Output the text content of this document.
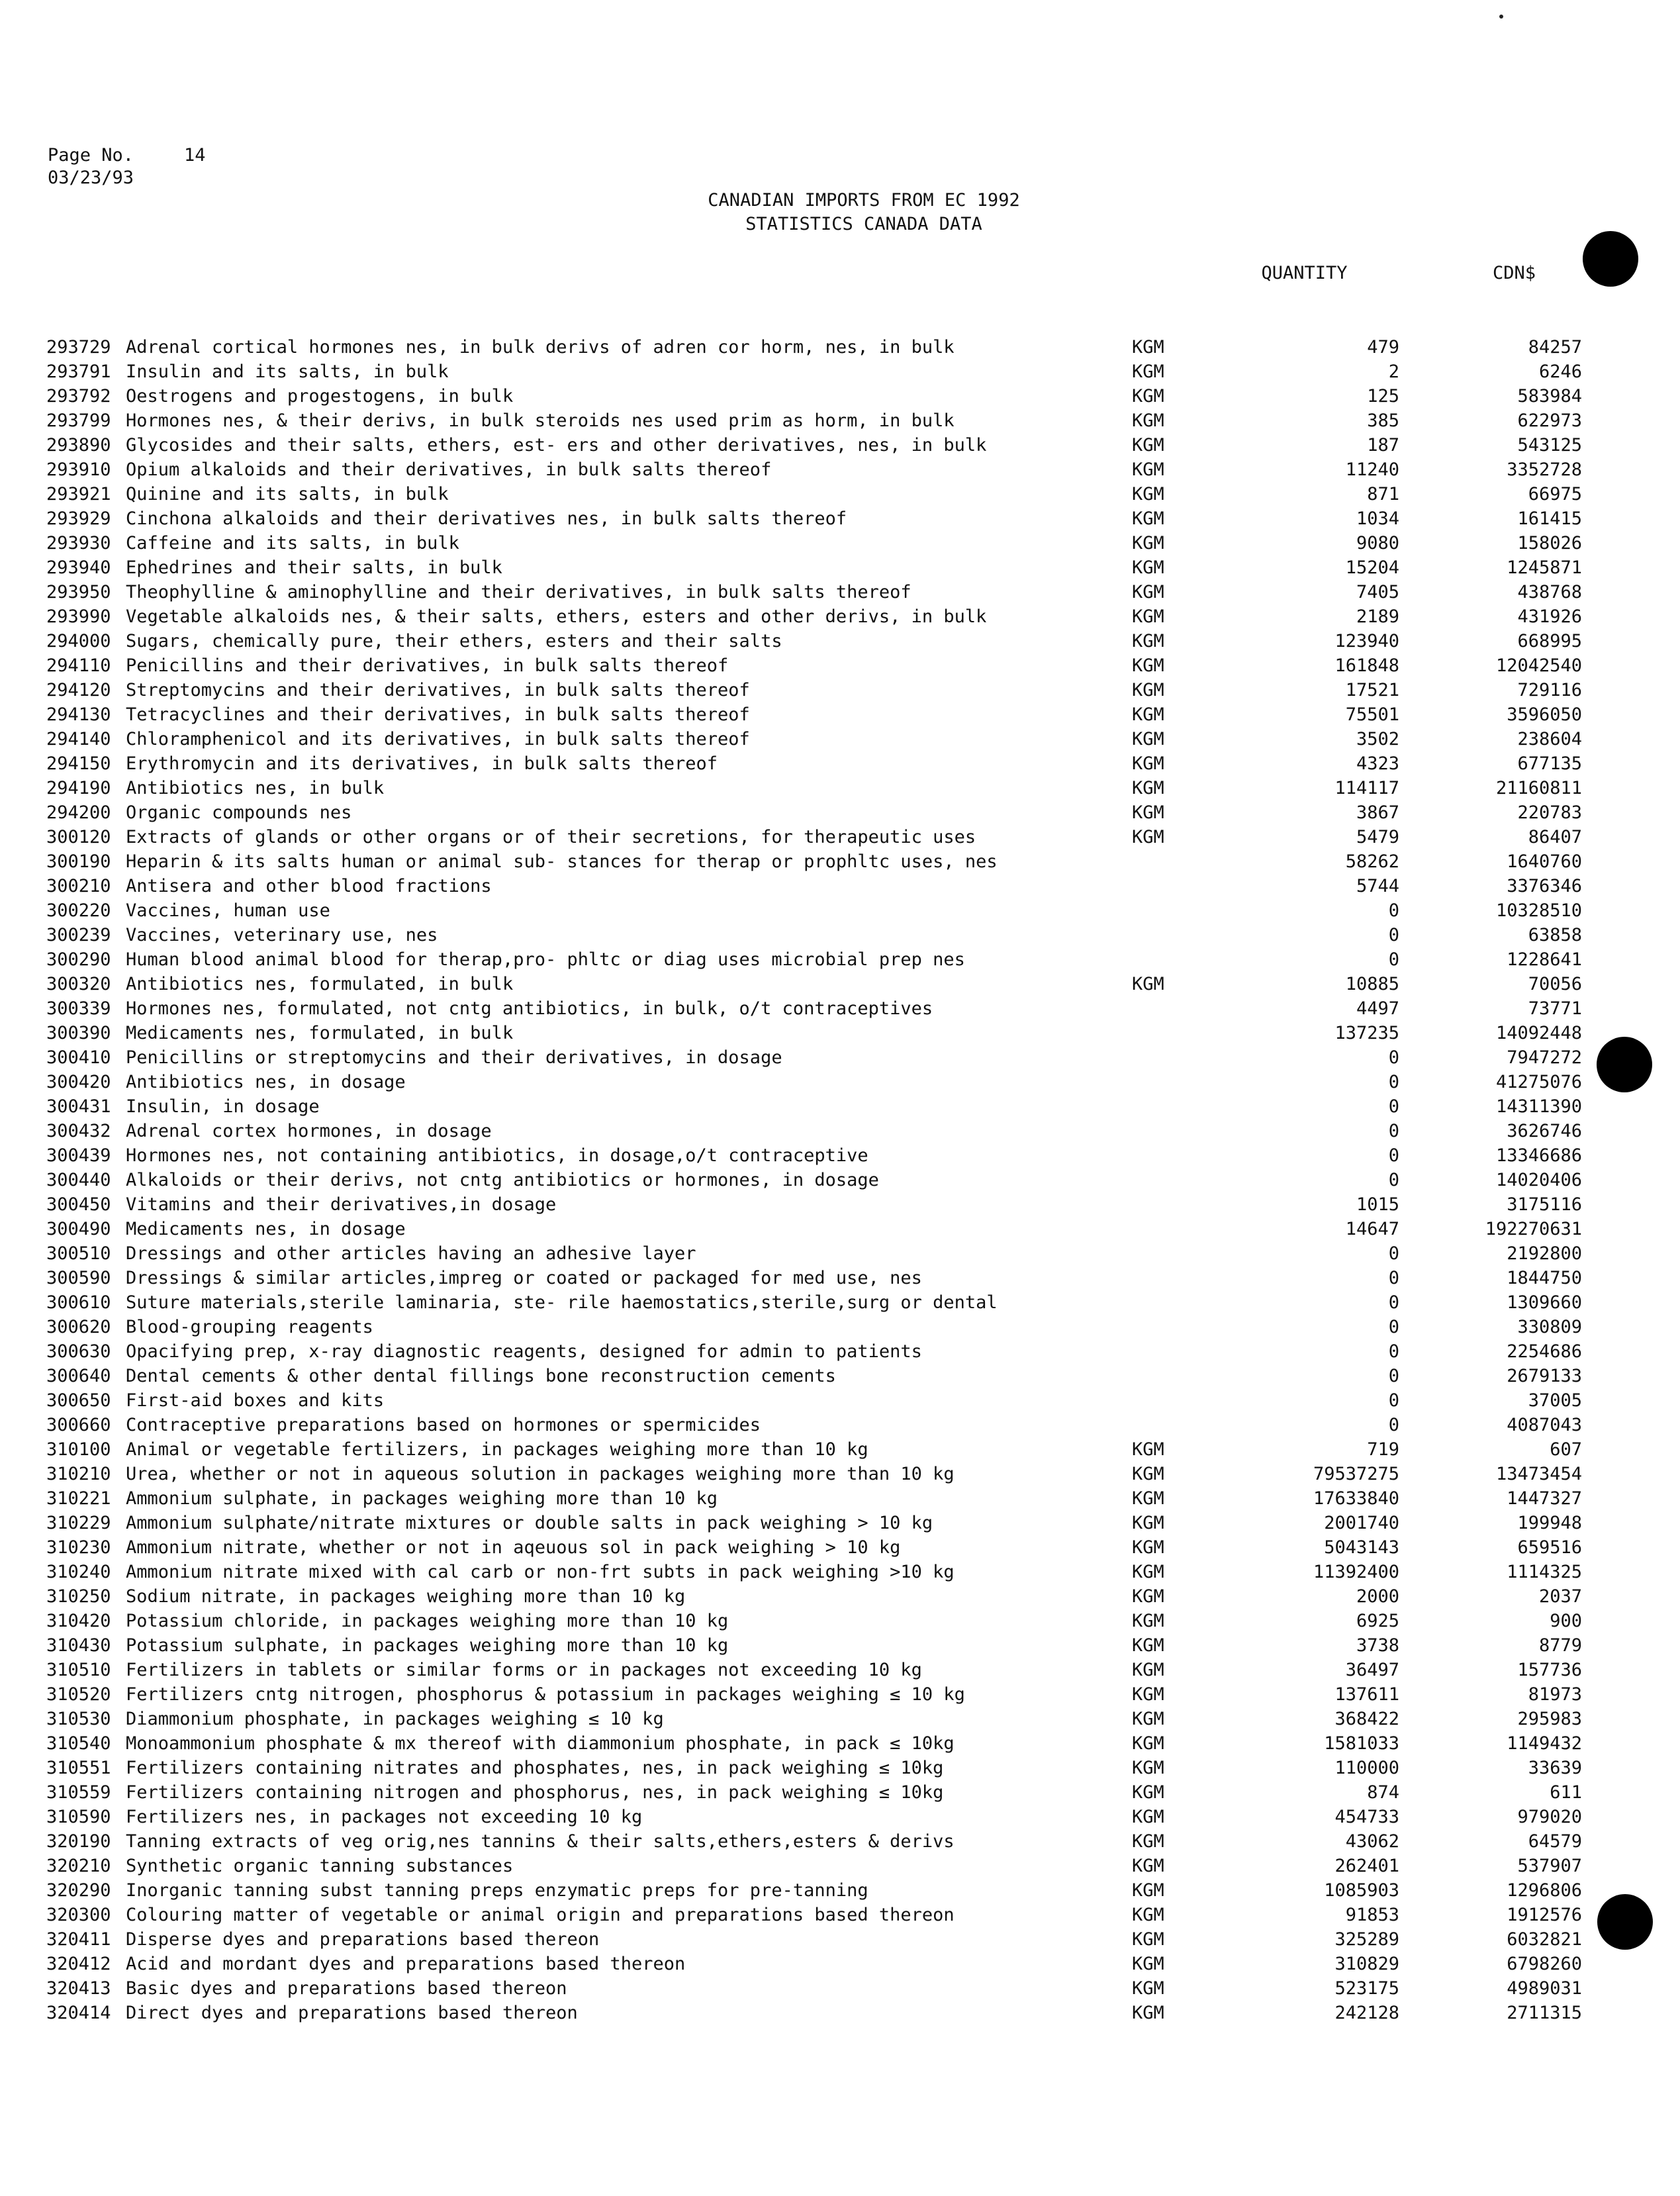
Page No.	14
03/23/93
CANADIAN IMPORTS FROM EC 1992
STATISTICS CANADA DATA
QUANTITY	CDN$
293729 Adrenal cortical hormones nes, in bulk derivs of adren cor horm, nes, in bulk	KGM	479	84257
293791 Insulin and its salts, in bulk	KGM	2	6246
293792 Oestrogens and progestogens, in bulk	KGM	125	583984
293799 Hormones nes, & their derivs, in bulk steroids nes used prim as horm, in bulk	KGM	385	622973
293890 Glycosides and their salts, ethers, est- ers and other derivatives, nes, in bulk	KGM	187	543125
293910 Opium alkaloids and their derivatives, in bulk salts thereof	KGM	11240	3352728
293921 Quinine and its salts, in bulk	KGM	871	66975
293929 Cinchona alkaloids and their derivatives nes, in bulk salts thereof	KGM	1034	161415
293930 Caffeine and its salts, in bulk	KGM	9080	158026
293940 Ephedrines and their salts, in bulk	KGM	15204	1245871
293950 Theophylline & aminophylline and their derivatives, in bulk salts thereof	KGM	7405	438768
293990 Vegetable alkaloids nes, & their salts, ethers, esters and other derivs, in bulk	KGM	2189	431926
294000 Sugars, chemically pure, their ethers, esters and their salts	KGM	123940	668995
294110 Penicillins and their derivatives, in bulk salts thereof	KGM	161848	12042540
294120 Streptomycins and their derivatives, in bulk salts thereof	KGM	17521	729116
294130 Tetracyclines and their derivatives, in bulk salts thereof	KGM	75501	3596050
294140 Chloramphenicol and its derivatives, in bulk salts thereof	KGM	3502	238604
294150 Erythromycin and its derivatives, in bulk salts thereof	KGM	4323	677135
294190 Antibiotics nes, in bulk	KGM	114117	21160811
294200 Organic compounds nes	KGM	3867	220783
300120 Extracts of glands or other organs or of their secretions, for therapeutic uses	KGM	5479	86407
300190 Heparin & its salts human or animal sub- stances for therap or prophltc uses, nes	58262	1640760
300210 Antisera and other blood fractions	5744	3376346
300220 Vaccines, human use	0	10328510
300239 Vaccines, veterinary use, nes	0	63858
300290 Human blood animal blood for therap,pro- phltc or diag uses microbial prep nes	0	1228641
300320 Antibiotics nes, formulated, in bulk	KGM	10885	70056
300339 Hormones nes, formulated, not cntg antibiotics, in bulk, o/t contraceptives	4497	73771
300390 Medicaments nes, formulated, in bulk	137235	14092448
300410 Penicillins or streptomycins and their derivatives, in dosage	0	7947272
300420 Antibiotics nes, in dosage	0	41275076
300431 Insulin, in dosage	0	14311390
300432 Adrenal cortex hormones, in dosage	0	3626746
300439 Hormones nes, not containing antibiotics, in dosage,o/t contraceptive	0	13346686
300440 Alkaloids or their derivs, not cntg antibiotics or hormones, in dosage	0	14020406
300450 Vitamins and their derivatives,in dosage	1015	3175116
300490 Medicaments nes, in dosage	14647	192270631
300510 Dressings and other articles having an adhesive layer	0	2192800
300590 Dressings & similar articles,impreg or coated or packaged for med use, nes	0	1844750
300610 Suture materials,sterile laminaria, ste- rile haemostatics,sterile,surg or dental	0	1309660
300620 Blood-grouping reagents	0	330809
300630 Opacifying prep, x-ray diagnostic reagents, designed for admin to patients	0	2254686
300640 Dental cements & other dental fillings bone reconstruction cements	0	2679133
300650 First-aid boxes and kits	0	37005
300660 Contraceptive preparations based on hormones or spermicides	0	4087043
310100 Animal or vegetable fertilizers, in packages weighing more than 10 kg	KGM	719	607
310210 Urea, whether or not in aqueous solution in packages weighing more than 10 kg	KGM	79537275	13473454
310221 Ammonium sulphate, in packages weighing more than 10 kg	KGM	17633840	1447327
310229 Ammonium sulphate/nitrate mixtures or double salts in pack weighing > 10 kg	KGM	2001740	199948
310230 Ammonium nitrate, whether or not in aqeuous sol in pack weighing > 10 kg	KGM	5043143	659516
310240 Ammonium nitrate mixed with cal carb or non-frt subts in pack weighing >10 kg	KGM	11392400	1114325
310250 Sodium nitrate, in packages weighing more than 10 kg	KGM	2000	2037
310420 Potassium chloride, in packages weighing more than 10 kg	KGM	6925	900
310430 Potassium sulphate, in packages weighing more than 10 kg	KGM	3738	8779
310510 Fertilizers in tablets or similar forms or in packages not exceeding 10 kg	KGM	36497	157736
310520 Fertilizers cntg nitrogen, phosphorus & potassium in packages weighing ≤ 10 kg	KGM	137611	81973
310530 Diammonium phosphate, in packages weighing ≤ 10 kg	KGM	368422	295983
310540 Monoammonium phosphate & mx thereof with diammonium phosphate, in pack ≤ 10kg	KGM	1581033	1149432
310551 Fertilizers containing nitrates and phosphates, nes, in pack weighing ≤ 10kg	KGM	110000	33639
310559 Fertilizers containing nitrogen and phosphorus, nes, in pack weighing ≤ 10kg	KGM	874	611
310590 Fertilizers nes, in packages not exceeding 10 kg	KGM	454733	979020
320190 Tanning extracts of veg orig,nes tannins & their salts,ethers,esters & derivs	KGM	43062	64579
320210 Synthetic organic tanning substances	KGM	262401	537907
320290 Inorganic tanning subst tanning preps enzymatic preps for pre-tanning	KGM	1085903	1296806
320300 Colouring matter of vegetable or animal origin and preparations based thereon	KGM	91853	1912576
320411 Disperse dyes and preparations based thereon	KGM	325289	6032821
320412 Acid and mordant dyes and preparations based thereon	KGM	310829	6798260
320413 Basic dyes and preparations based thereon	KGM	523175	4989031
320414 Direct dyes and preparations based thereon	KGM	242128	2711315
